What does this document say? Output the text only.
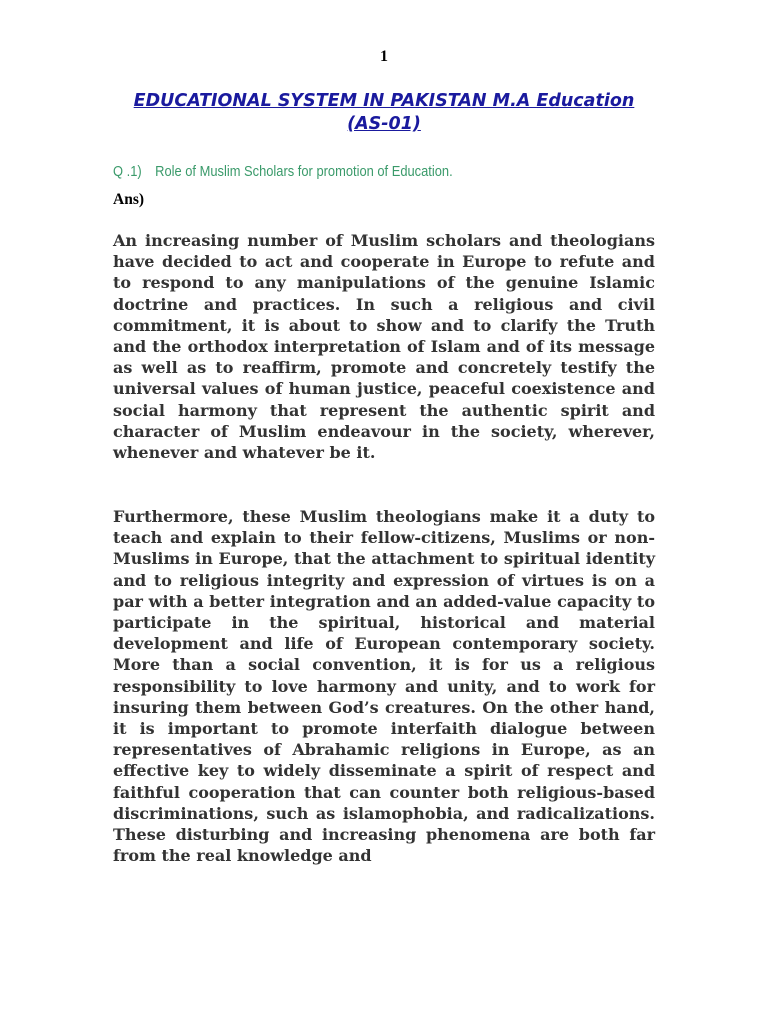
1
EDUCATIONAL SYSTEM IN PAKISTAN M.A Education
(AS-01)
Q .1) Role of Muslim Scholars for promotion of Education.
Ans)

An increasing number of Muslim scholars and theologians have decided to act and cooperate in Europe to refute and to respond to any manipulations of the genuine Islamic doctrine and practices. In such a religious and civil commitment, it is about to show and to clarify the Truth and the orthodox interpretation of Islam and of its message as well as to reaffirm, promote and concretely testify the universal values of human justice, peaceful coexistence and social harmony that represent the authentic spirit and character of Muslim endeavour in the society, wherever, whenever and whatever be it.

Furthermore, these Muslim theologians make it a duty to teach and explain to their fellow-citizens, Muslims or non-Muslims in Europe, that the attachment to spiritual identity and to religious integrity and expression of virtues is on a par with a better integration and an added-value capacity to participate in the spiritual, historical and material development and life of European contemporary society. More than a social convention, it is for us a religious responsibility to love harmony and unity, and to work for insuring them between God’s creatures. On the other hand, it is important to promote interfaith dialogue between representatives of Abrahamic religions in Europe, as an effective key to widely disseminate a spirit of respect and faithful cooperation that can counter both religious-based discriminations, such as islamophobia, and radicalizations. These disturbing and increasing phenomena are both far from the real knowledge and
